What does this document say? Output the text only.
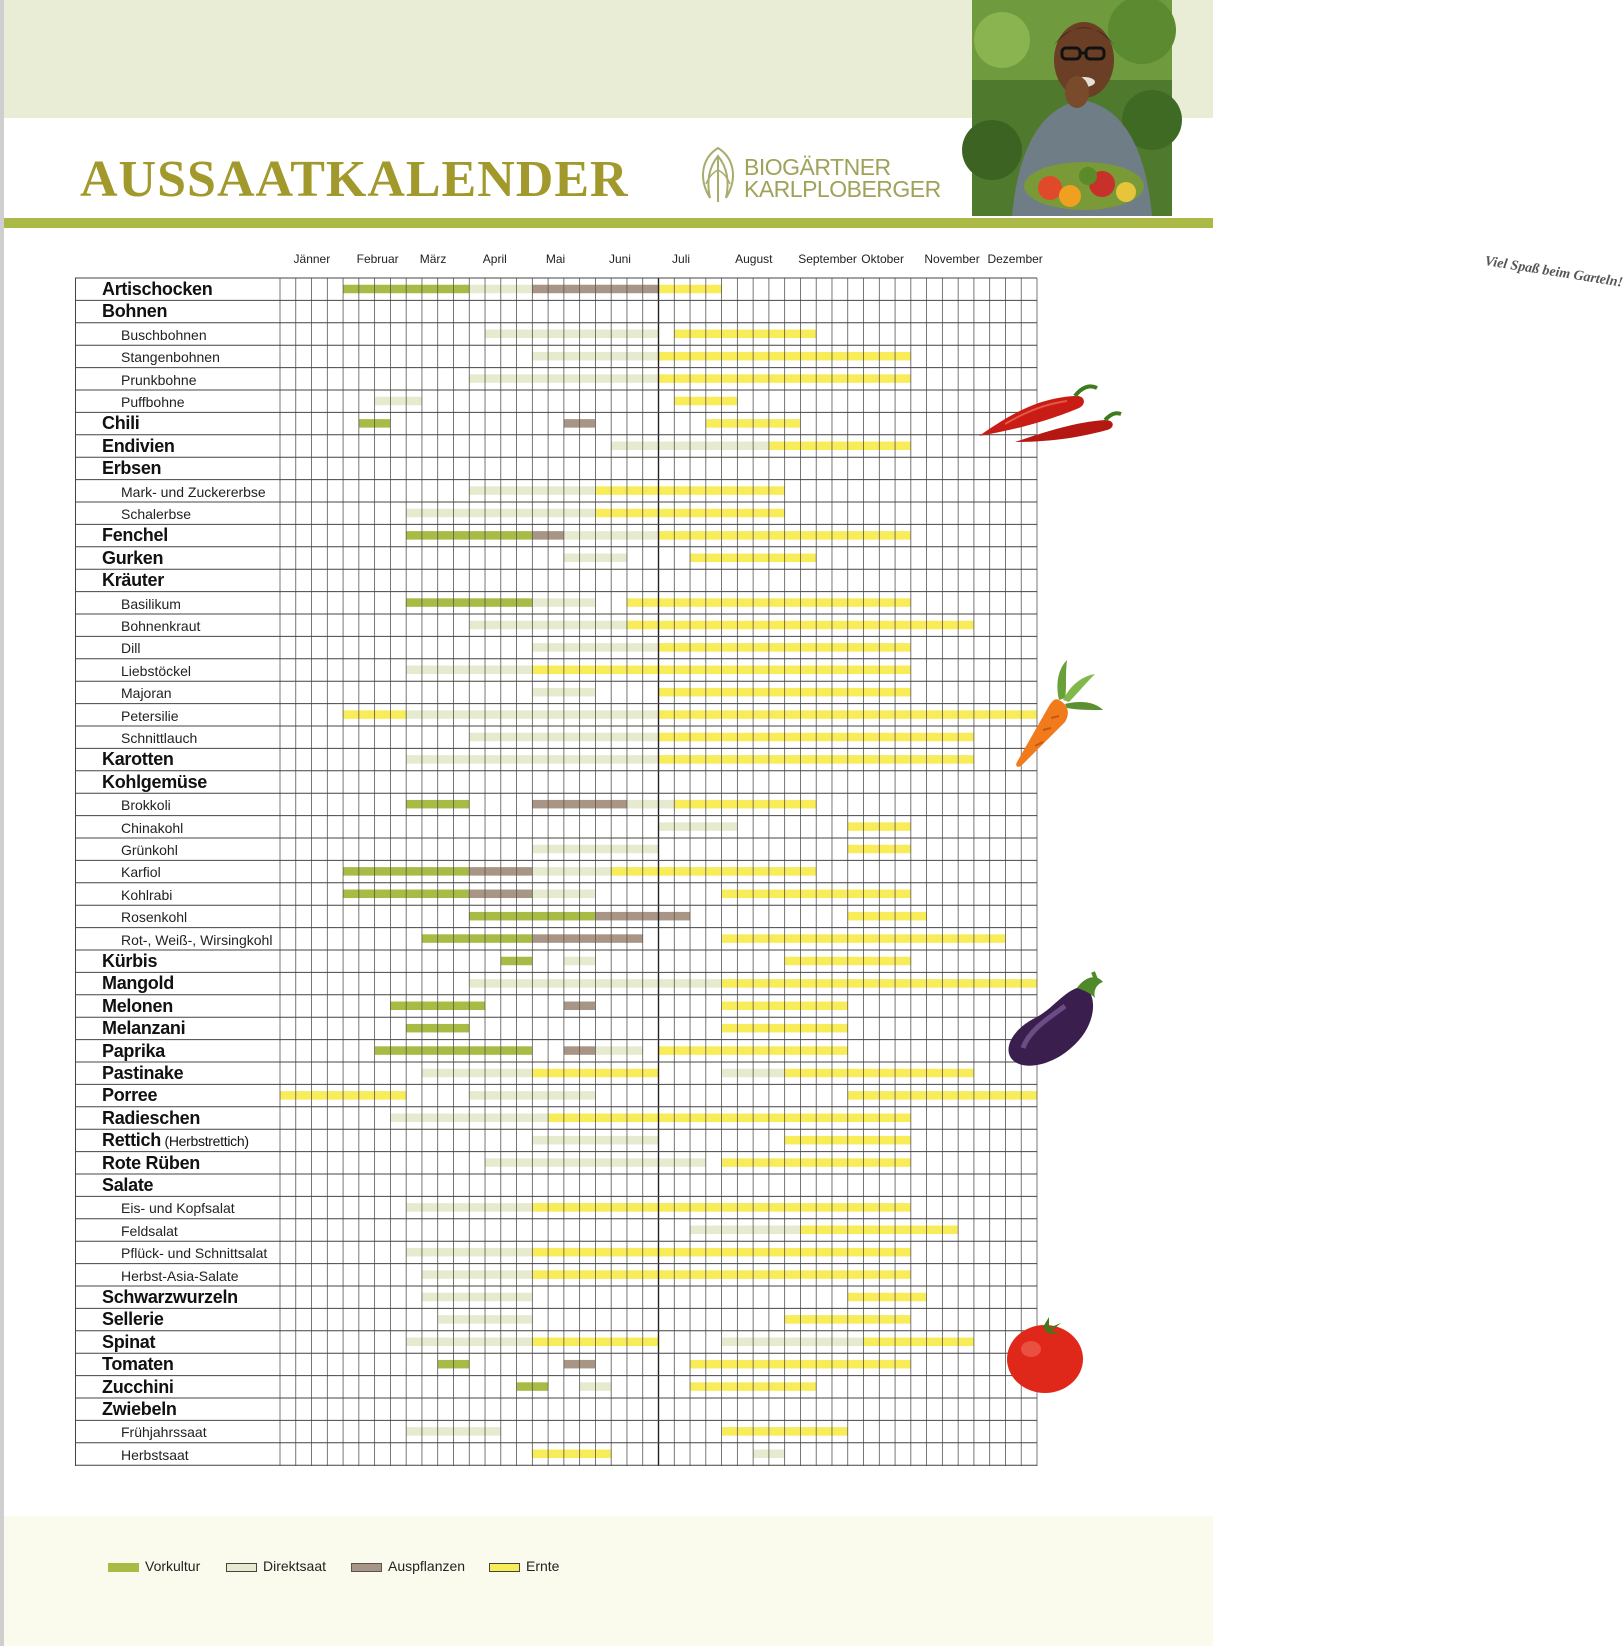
Viel Spaß beim Garteln!
BIOGÄRTNER
KARLPLOBERGER
AUSSAATKALENDER
Jänner Februar März	April	Mai	Juni	Juli	August September Oktober November Dezember
Artischocken
Bohnen
Buschbohnen
Stangenbohnen
Prunkbohne
Puffbohne
Chili
Endivien
Erbsen
Mark- und Zuckererbse
Schalerbse
Fenchel
Gurken
Kräuter
Basilikum
Bohnenkraut
Dill
Liebstöckel
Majoran
Petersilie
Schnittlauch
Karotten
Kohlgemüse
Brokkoli
Chinakohl
Grünkohl
Karfiol
Kohlrabi
Rosenkohl
Rot-, Weiß-, Wirsingkohl
Kürbis
Mangold
Melonen
Melanzani
Paprika
Pastinake
Porree
Radieschen
Rettich (Herbstrettich)
Rote Rüben
Salate
Eis- und Kopfsalat
Feldsalat
Pflück- und Schnittsalat
Herbst-Asia-Salate
Schwarzwurzeln
Sellerie
Spinat
Tomaten
Zucchini
Zwiebeln
Frühjahrssaat
Herbstsaat
Vorkultur	Direktsaat	Auspflanzen	Ernte
